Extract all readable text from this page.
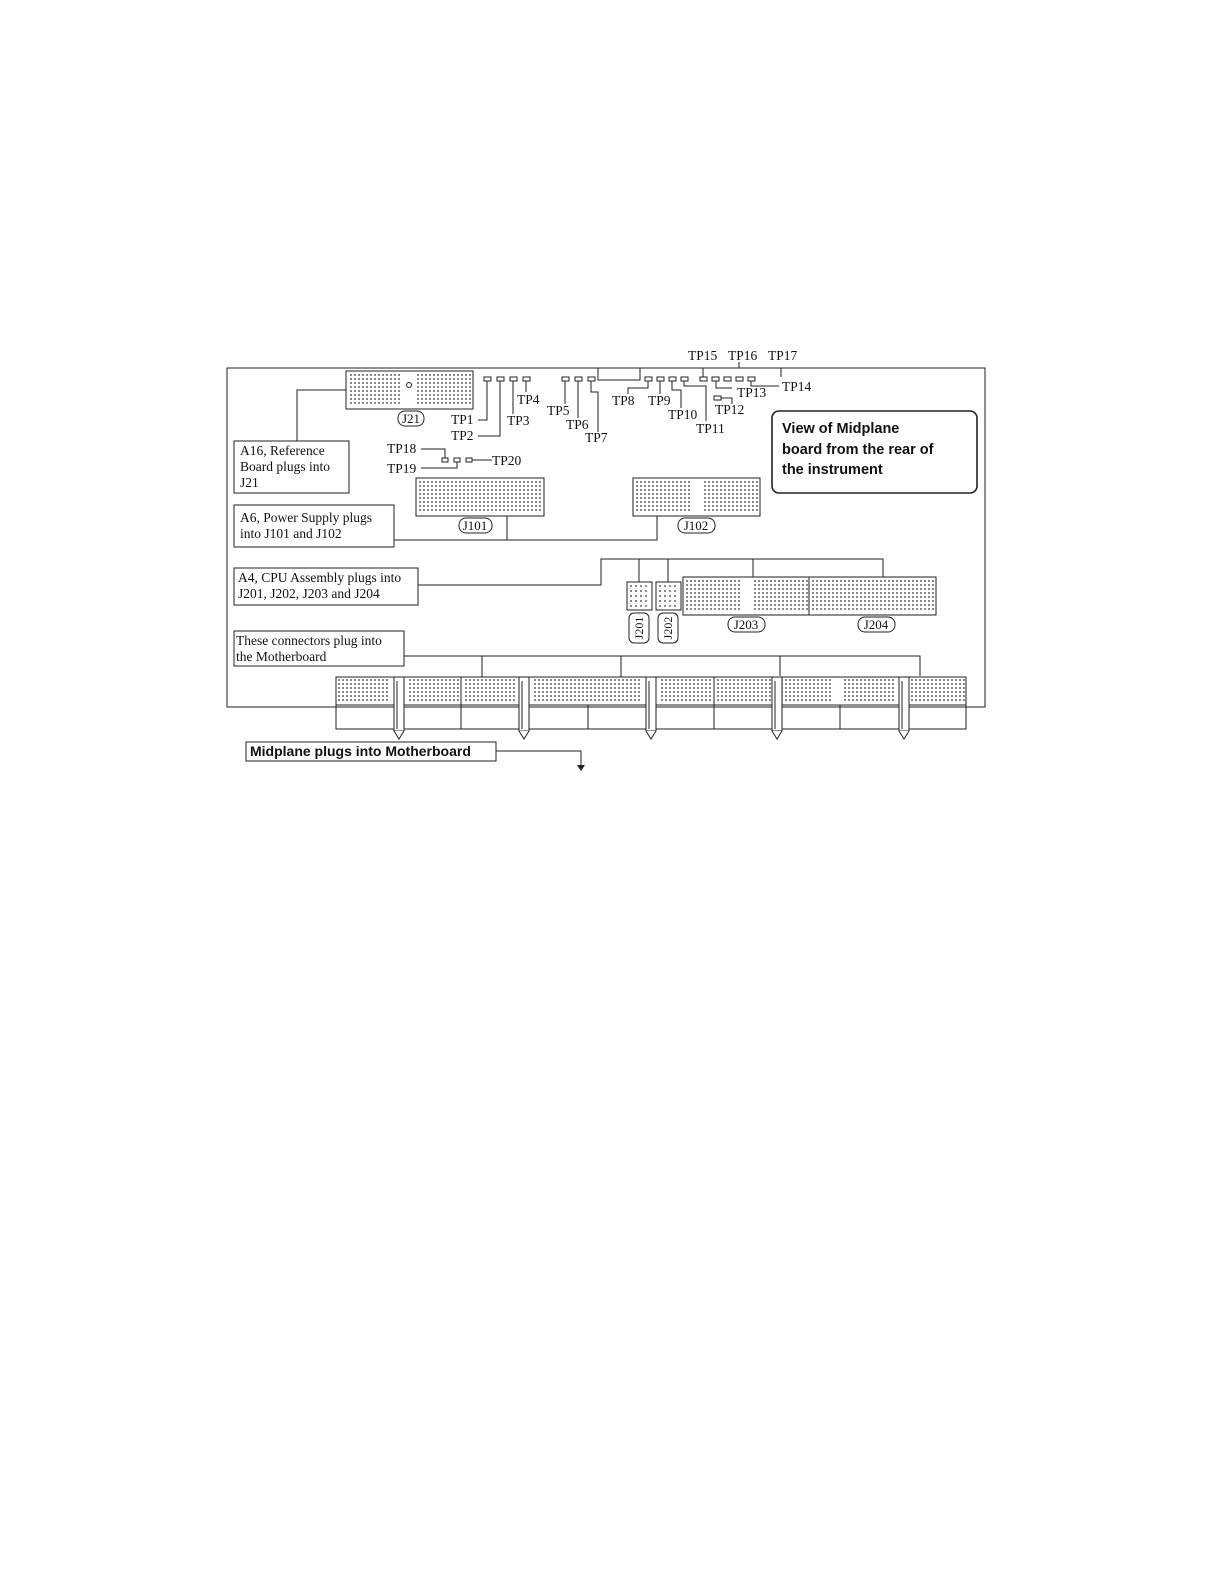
J21
A16, Reference
Board plugs into
J21
TP1
TP2
TP3
TP4
TP5
TP6
TP7
TP8 TP9
TP10
TP11
TP12
TP13 TP14
TP15 TP16 TP17
View of Midplane
board from the rear of
the instrument
TP18
TP19
TP20
J101	J102
A6, Power Supply plugs
into J101 and J102
J201 J202	J203	J204
A4, CPU Assembly plugs into
J201, J202, J203 and J204
These connectors plug into
the Motherboard
Midplane plugs into Motherboard
